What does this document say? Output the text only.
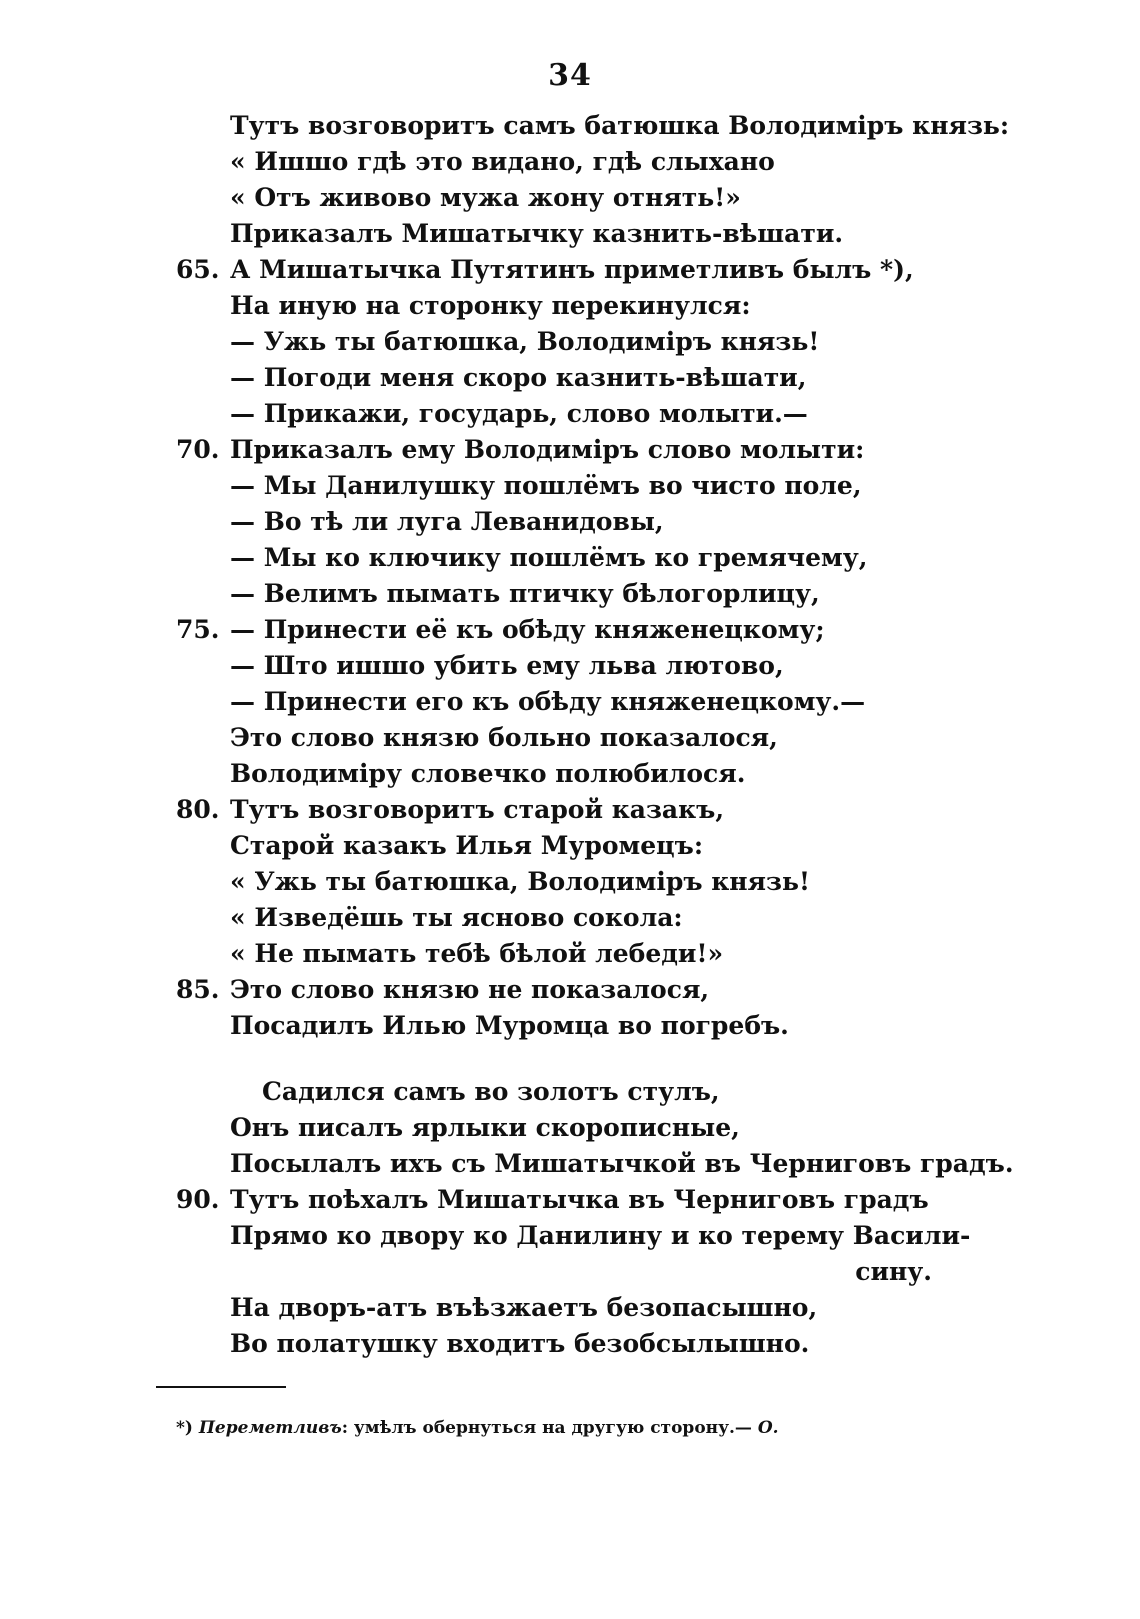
34
Тутъ возговоритъ самъ батюшка Володиміръ князь:
« Ишшо гдѣ это видано, гдѣ слыхано
« Отъ живово мужа жону отнять!»
Приказалъ Мишатычку казнить-вѣшати.
65. А Мишатычка Путятинъ приметливъ былъ *),
На иную на сторонку перекинулся:
— Ужь ты батюшка, Володиміръ князь!
— Погоди меня скоро казнить-вѣшати,
— Прикажи, государь, слово молыти.—
70. Приказалъ ему Володиміръ слово молыти:
— Мы Данилушку пошлёмъ во чисто поле,
— Во тѣ ли луга Леванидовы,
— Мы ко ключику пошлёмъ ко гремячему,
— Велимъ пымать птичку бѣлогорлицу,
75. — Принести её къ обѣду княженецкому;
— Што ишшо убить ему льва лютово,
— Принести его къ обѣду княженецкому.—
Это слово князю больно показалося,
Володиміру словечко полюбилося.
80. Тутъ возговоритъ старой казакъ,
Старой казакъ Илья Муромецъ:
« Ужь ты батюшка, Володиміръ князь!
« Изведёшь ты ясново сокола:
« Не пымать тебѣ бѣлой лебеди!»
85. Это слово князю не показалося,
Посадилъ Илью Муромца во погребъ.
Садился самъ во золотъ стулъ,
Онъ писалъ ярлыки скорописные,
Посылалъ ихъ съ Мишатычкой въ Черниговъ градъ.
90. Тутъ поѣхалъ Мишатычка въ Черниговъ градъ
Прямо ко двору ко Данилину и ко терему Васили-
сину.
На дворъ-атъ въѣзжаетъ безопасышно,
Во полатушку входитъ безобсылышно.
*) Переметливъ: умѣлъ обернуться на другую сторону.— О.
